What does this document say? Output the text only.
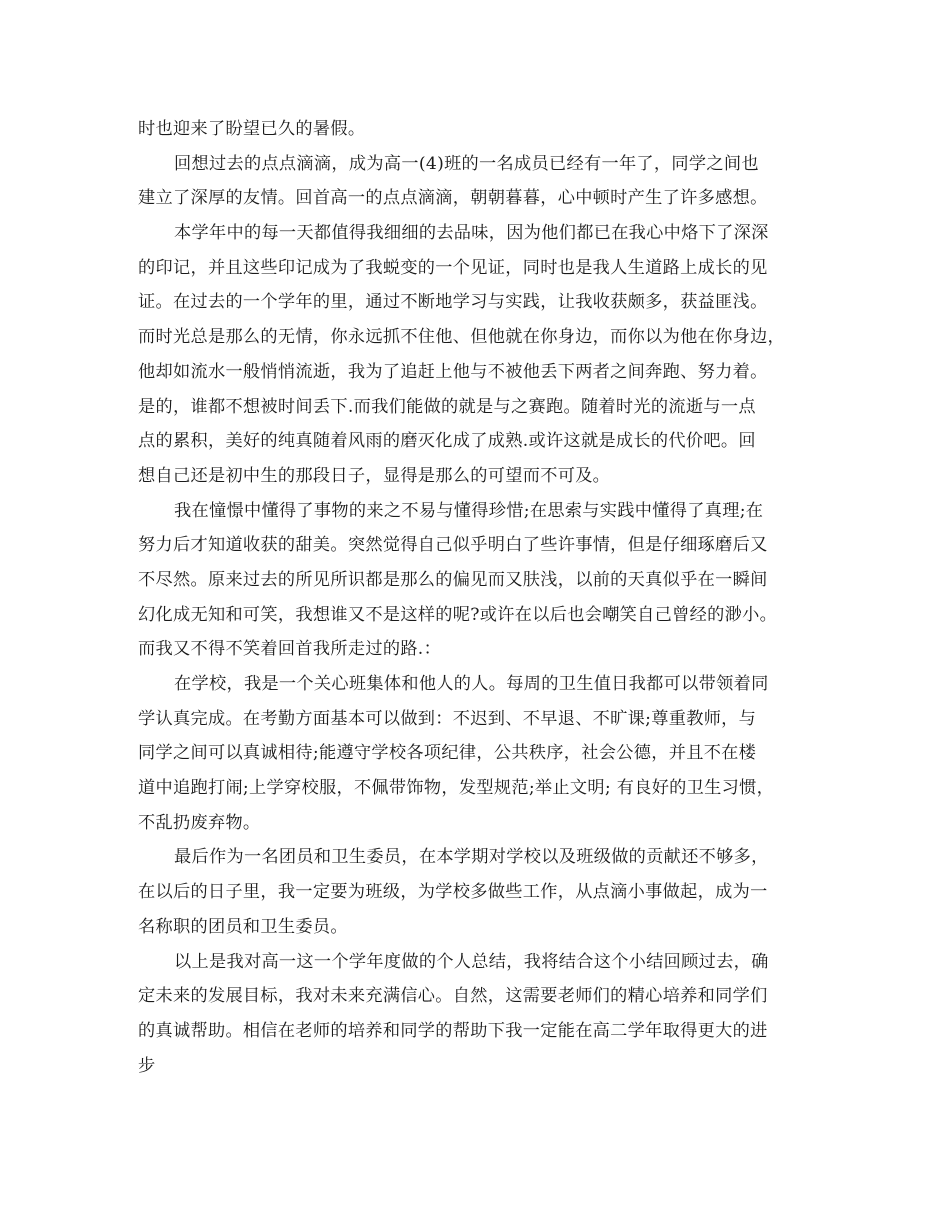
时也迎来了盼望已久的暑假。
回想过去的点点滴滴，成为高一(4)班的一名成员已经有一年了，同学之间也
建立了深厚的友情。回首高一的点点滴滴，朝朝暮暮，心中顿时产生了许多感想。
本学年中的每一天都值得我细细的去品味，因为他们都已在我心中烙下了深深
的印记，并且这些印记成为了我蜕变的一个见证，同时也是我人生道路上成长的见
证。在过去的一个学年的里，通过不断地学习与实践，让我收获颇多，获益匪浅。
而时光总是那么的无情，你永远抓不住他、但他就在你身边，而你以为他在你身边，
他却如流水一般悄悄流逝，我为了追赶上他与不被他丢下两者之间奔跑、努力着。
是的，谁都不想被时间丢下.而我们能做的就是与之赛跑。随着时光的流逝与一点
点的累积，美好的纯真随着风雨的磨灭化成了成熟.或许这就是成长的代价吧。回
想自己还是初中生的那段日子，显得是那么的可望而不可及。
我在憧憬中懂得了事物的来之不易与懂得珍惜;在思索与实践中懂得了真理;在
努力后才知道收获的甜美。突然觉得自己似乎明白了些许事情，但是仔细琢磨后又
不尽然。原来过去的所见所识都是那么的偏见而又肤浅，以前的天真似乎在一瞬间
幻化成无知和可笑，我想谁又不是这样的呢?或许在以后也会嘲笑自己曾经的渺小。
而我又不得不笑着回首我所走过的路.：
在学校，我是一个关心班集体和他人的人。每周的卫生值日我都可以带领着同
学认真完成。在考勤方面基本可以做到：不迟到、不早退、不旷课;尊重教师，与
同学之间可以真诚相待;能遵守学校各项纪律，公共秩序，社会公德，并且不在楼
道中追跑打闹;上学穿校服，不佩带饰物，发型规范;举止文明; 有良好的卫生习惯，
不乱扔废弃物。
最后作为一名团员和卫生委员，在本学期对学校以及班级做的贡献还不够多，
在以后的日子里，我一定要为班级，为学校多做些工作，从点滴小事做起，成为一
名称职的团员和卫生委员。
以上是我对高一这一个学年度做的个人总结，我将结合这个小结回顾过去，确
定未来的发展目标，我对未来充满信心。自然，这需要老师们的精心培养和同学们
的真诚帮助。相信在老师的培养和同学的帮助下我一定能在高二学年取得更大的进
步
